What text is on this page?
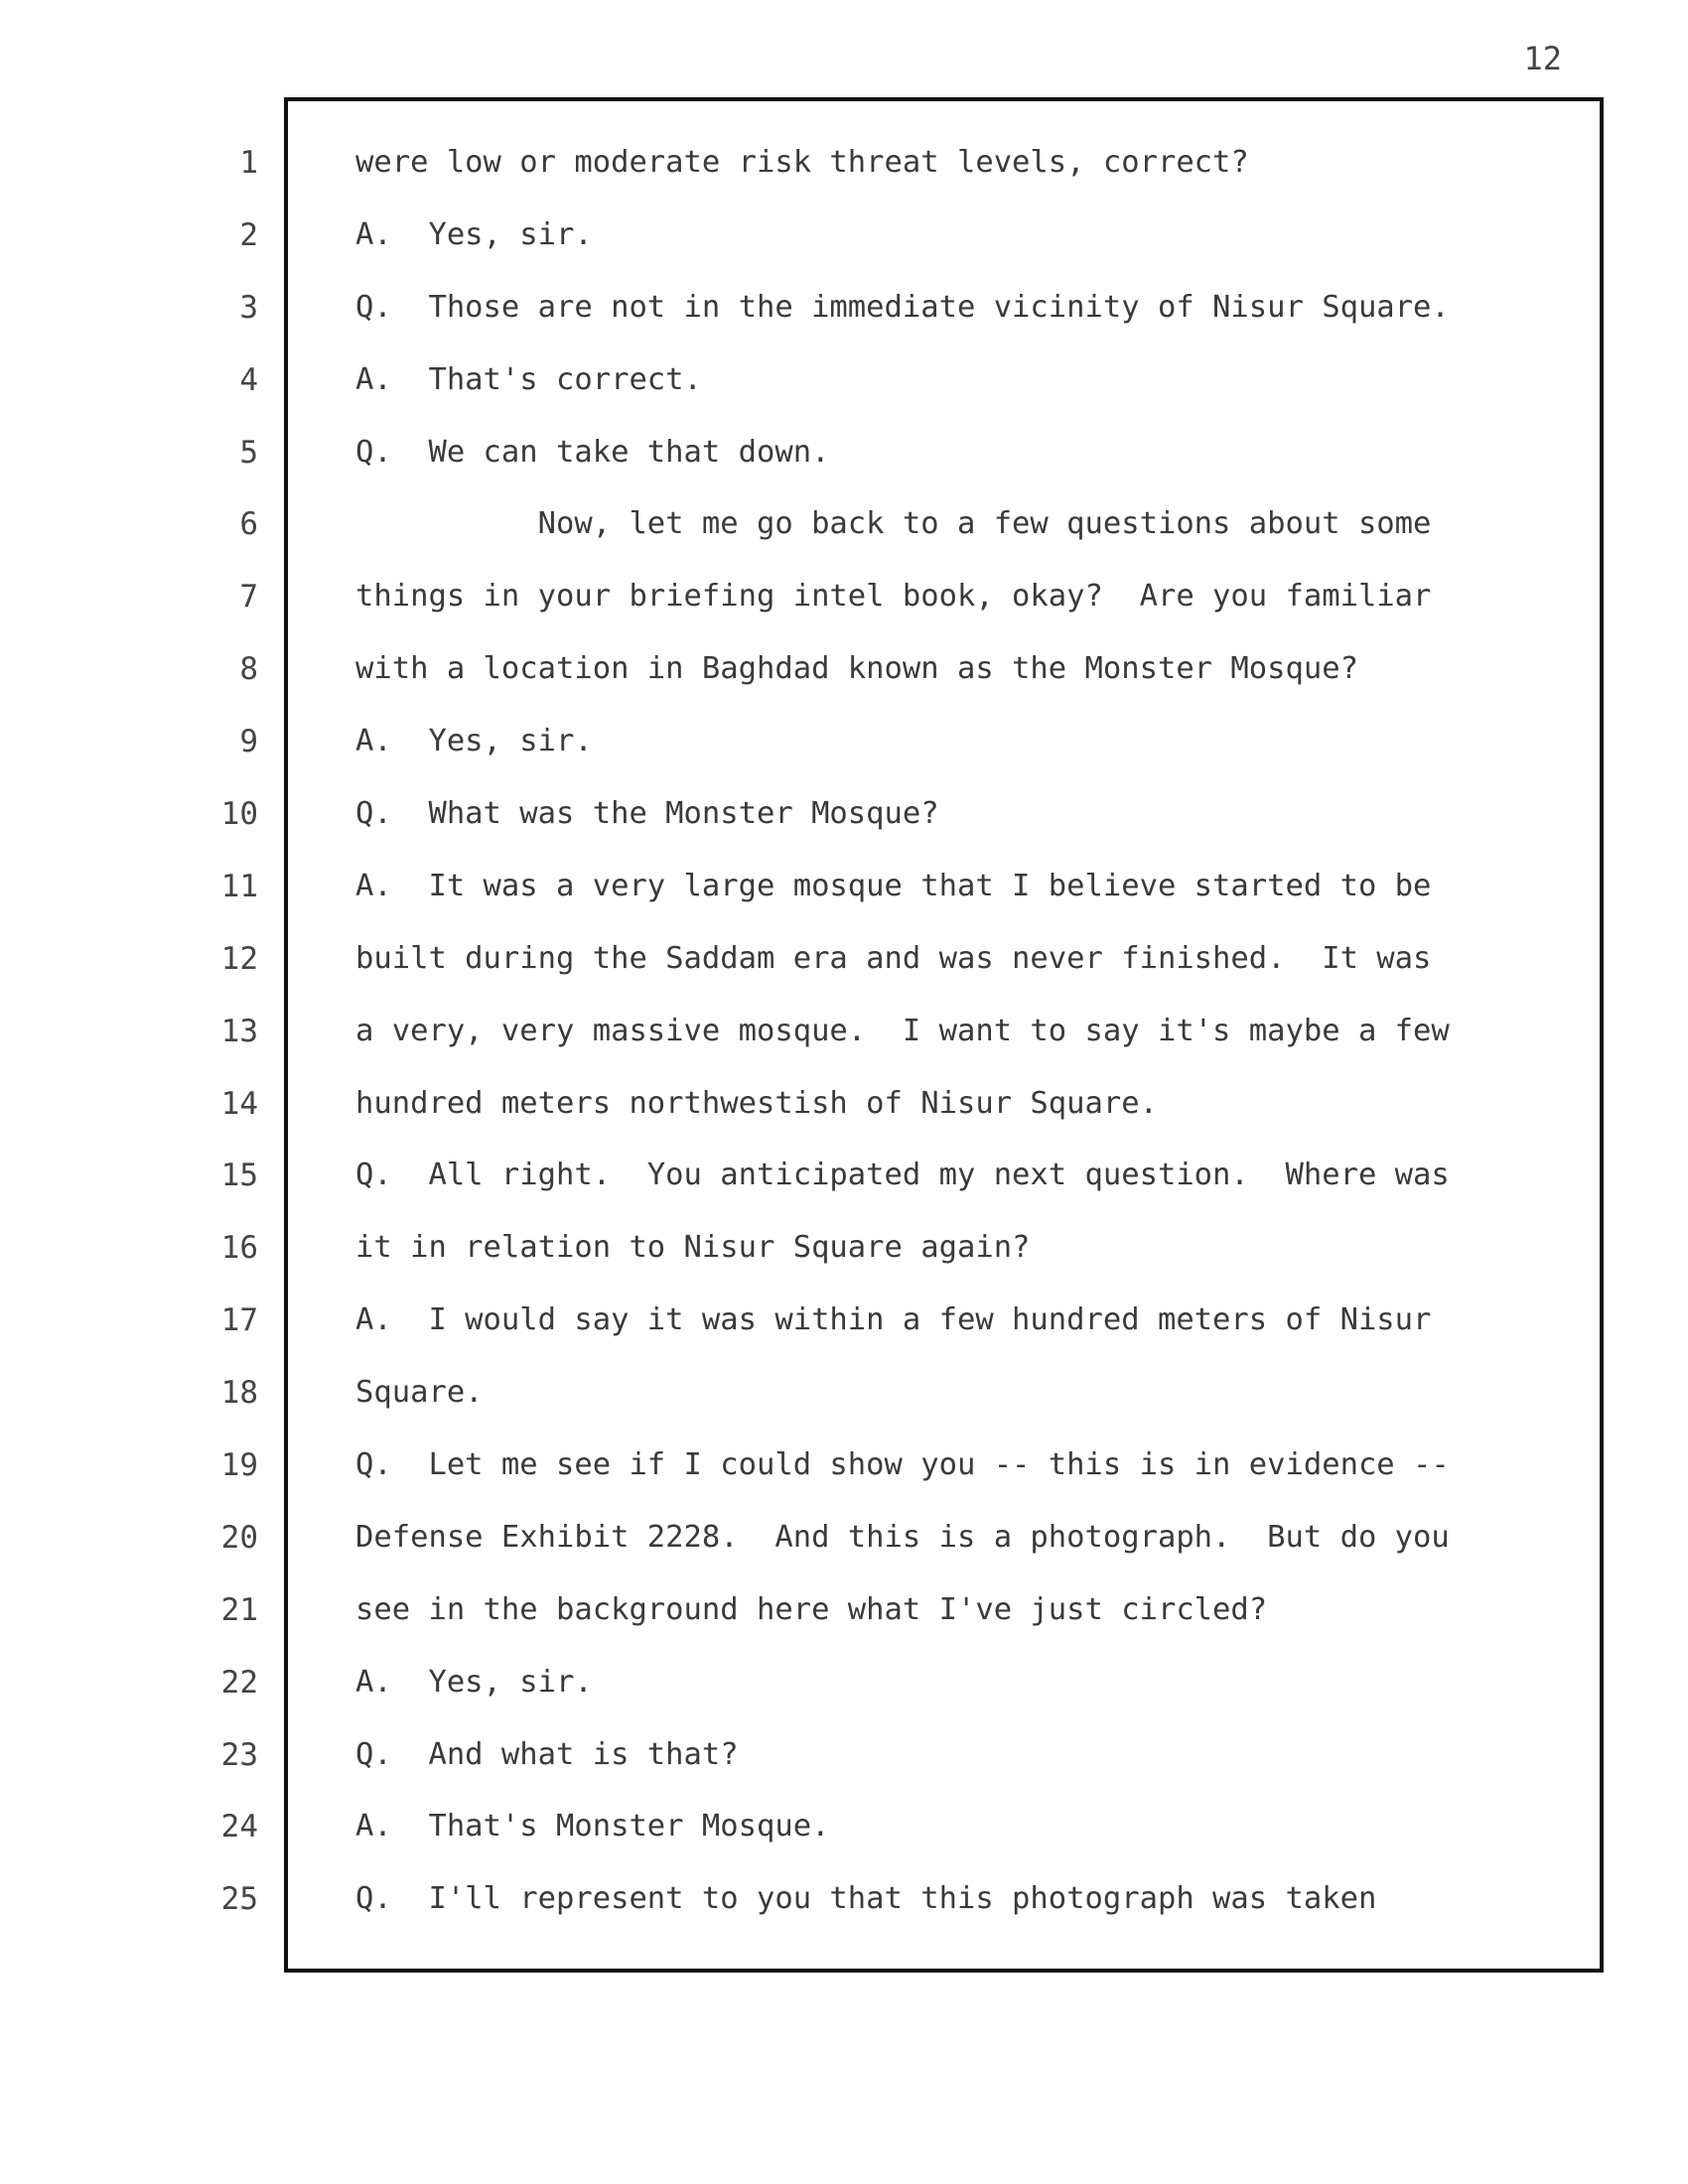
12
1
2
3
4
5
6
7
8
9
10
11
12
13
14
15
16
17
18
19
20
21
22
23
24
25
were low or moderate risk threat levels, correct?
A.  Yes, sir.
Q.  Those are not in the immediate vicinity of Nisur Square.
A.  That's correct.
Q.  We can take that down.
Now, let me go back to a few questions about some
things in your briefing intel book, okay?  Are you familiar
with a location in Baghdad known as the Monster Mosque?
A.  Yes, sir.
Q.  What was the Monster Mosque?
A.  It was a very large mosque that I believe started to be
built during the Saddam era and was never finished.  It was
a very, very massive mosque.  I want to say it's maybe a few
hundred meters northwestish of Nisur Square.
Q.  All right.  You anticipated my next question.  Where was
it in relation to Nisur Square again?
A.  I would say it was within a few hundred meters of Nisur
Square.
Q.  Let me see if I could show you -- this is in evidence --
Defense Exhibit 2228.  And this is a photograph.  But do you
see in the background here what I've just circled?
A.  Yes, sir.
Q.  And what is that?
A.  That's Monster Mosque.
Q.  I'll represent to you that this photograph was taken
